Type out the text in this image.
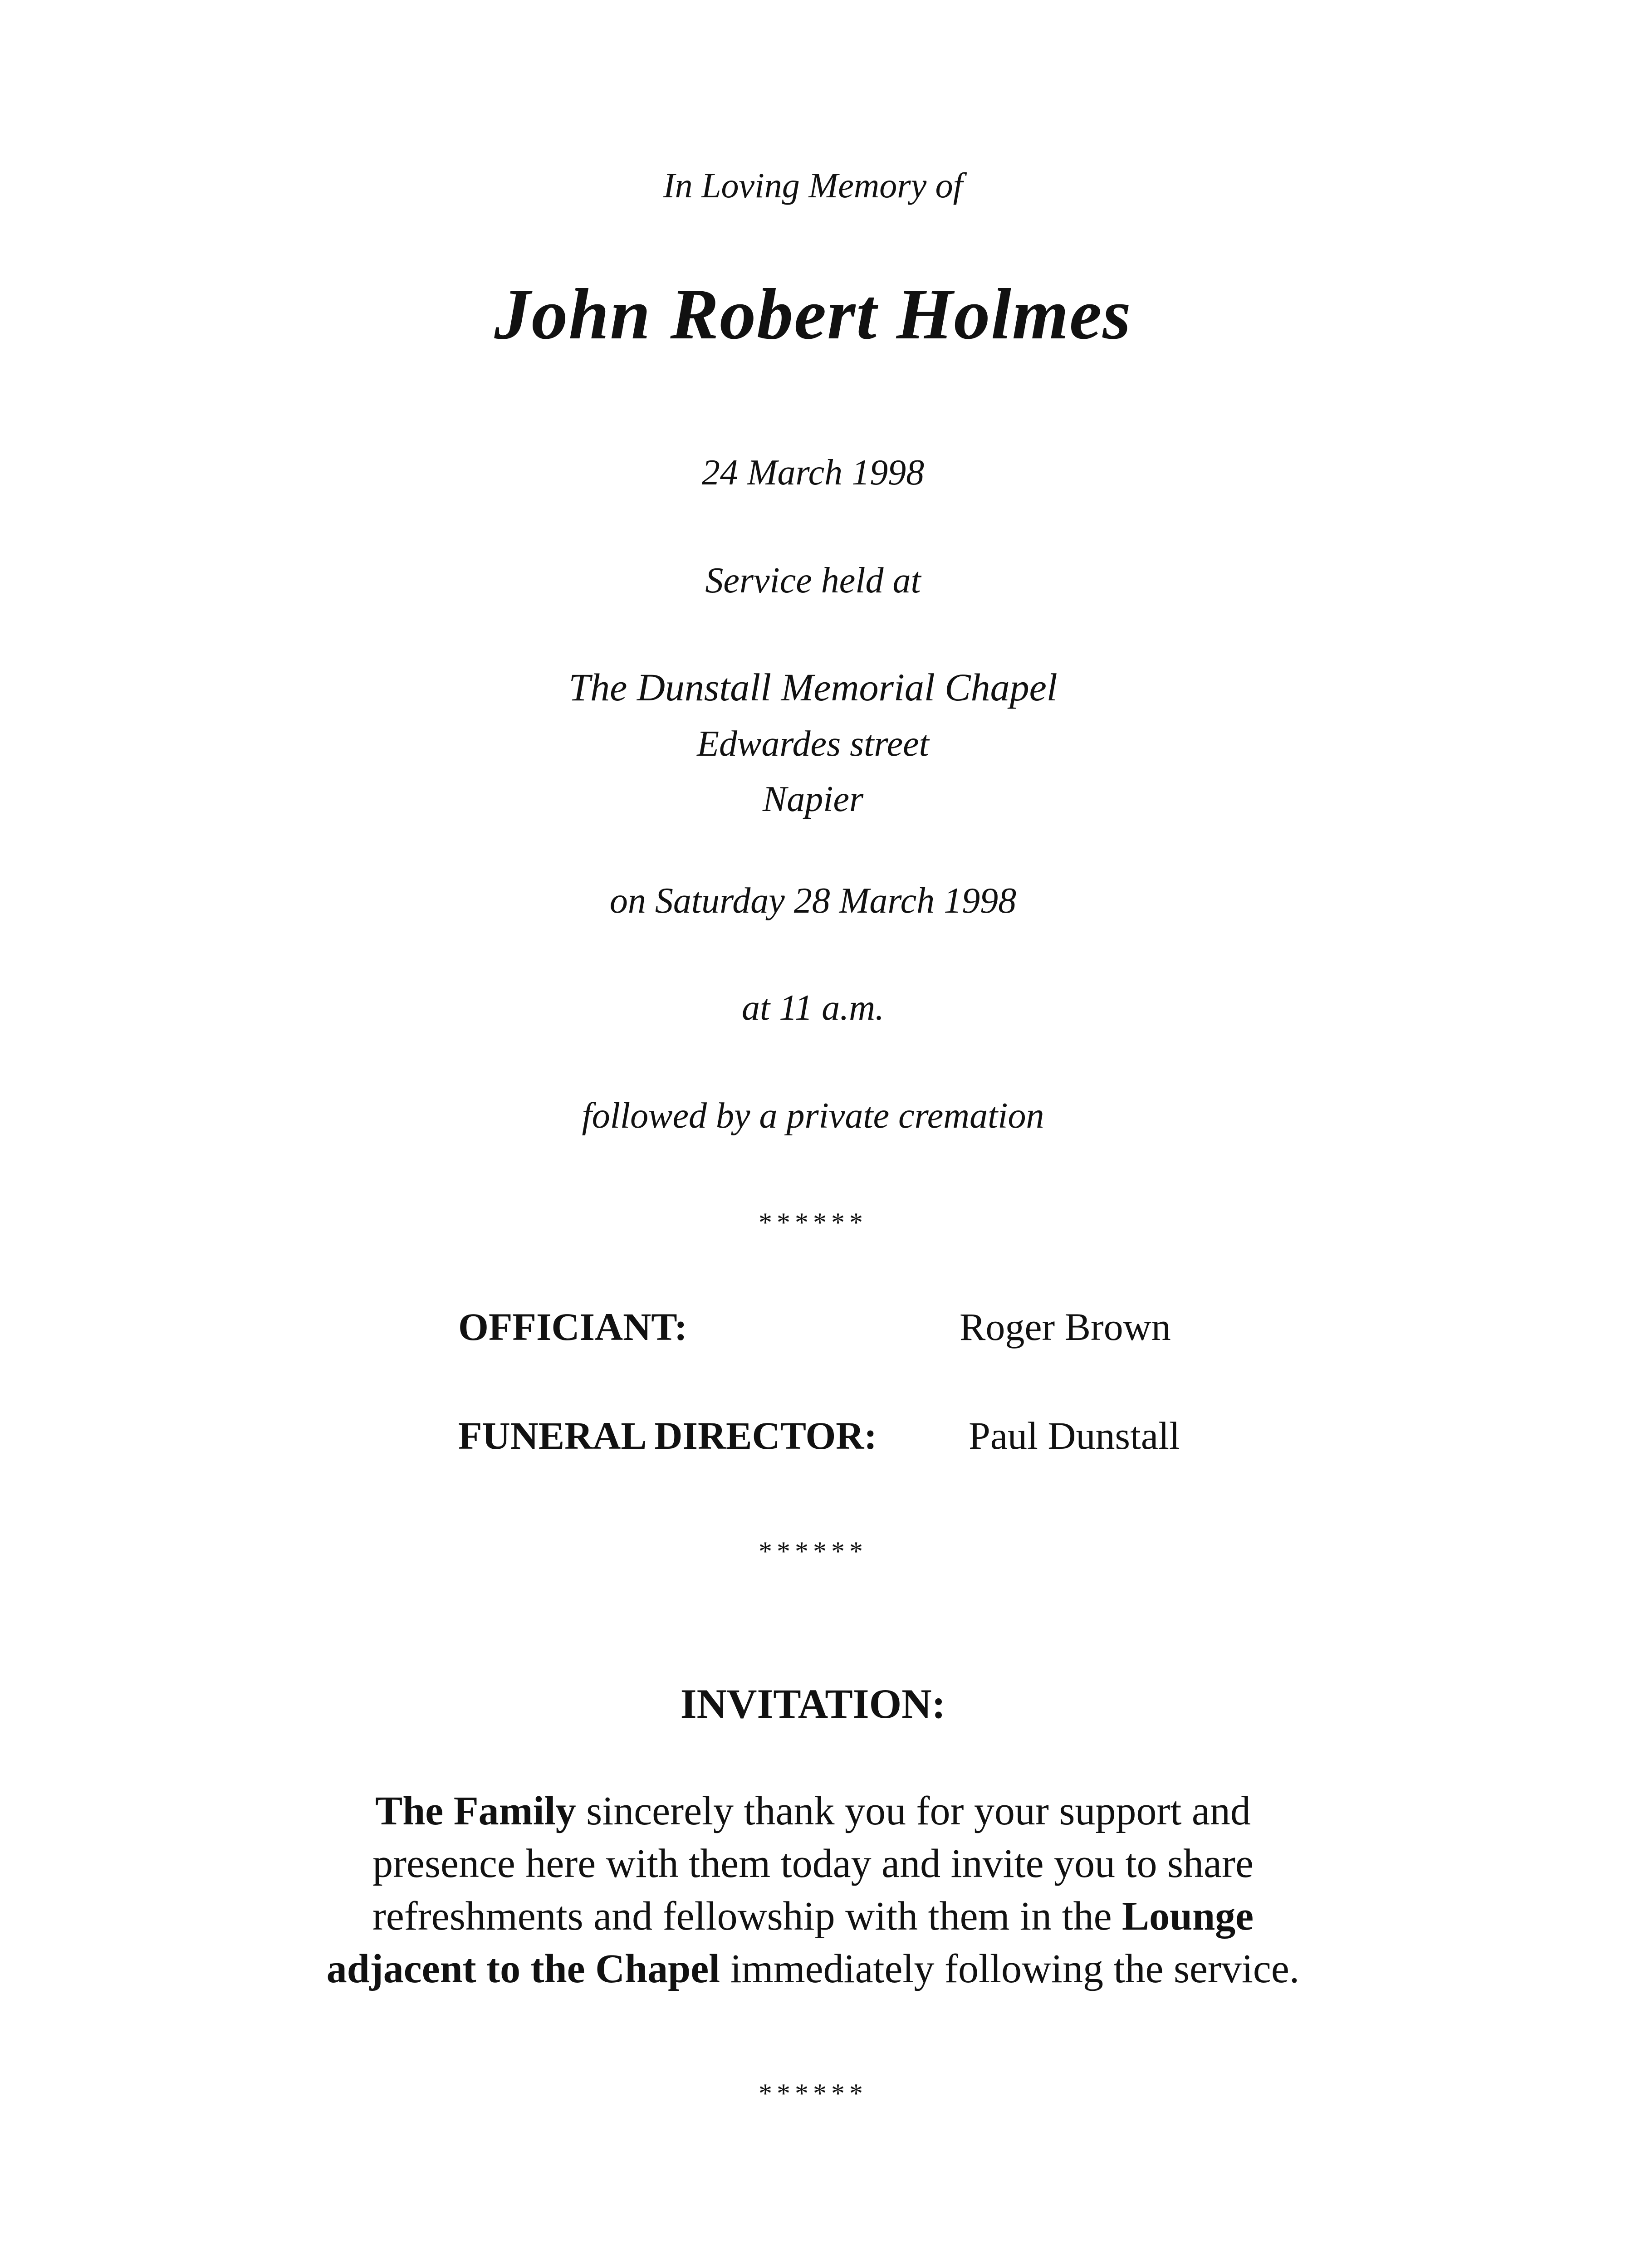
In Loving Memory of
John Robert Holmes
24 March 1998
Service held at
The Dunstall Memorial Chapel
Edwardes street
Napier
on Saturday 28 March 1998
at 11 a.m.
followed by a private cremation
******
OFFICIANT:	Roger Brown
FUNERAL DIRECTOR: Paul Dunstall
******
INVITATION:
The Family sincerely thank you for your support and
presence here with them today and invite you to share
refreshments and fellowship with them in the Lounge
adjacent to the Chapel immediately following the service.
******
